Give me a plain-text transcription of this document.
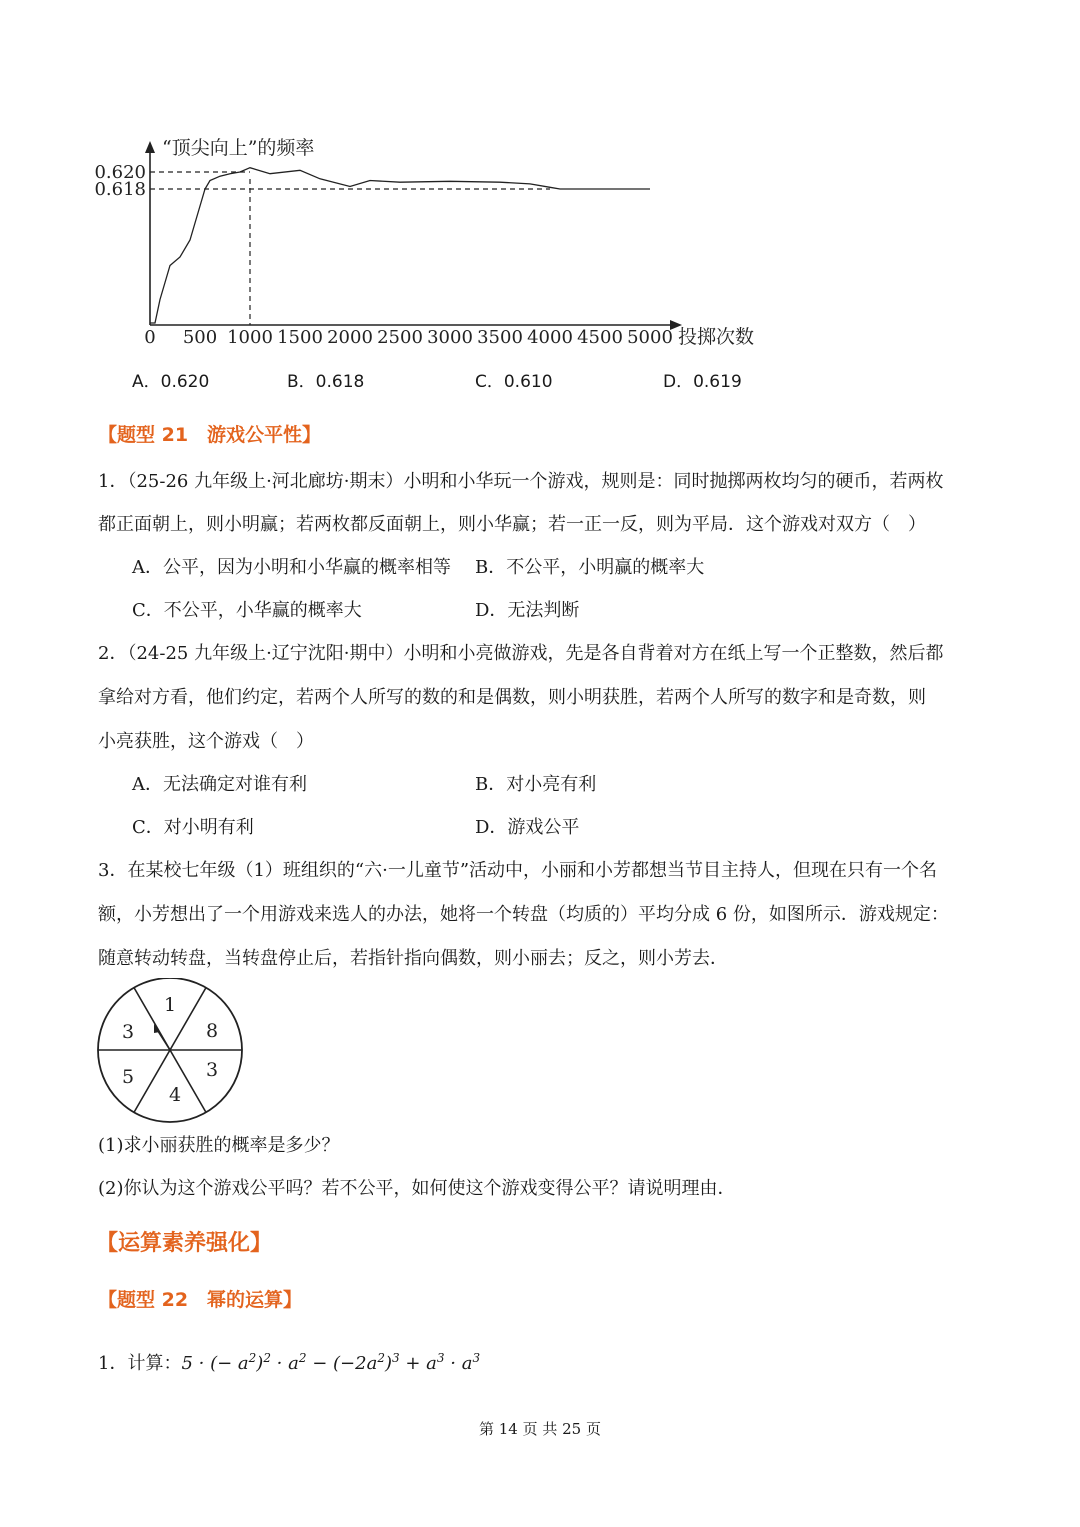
“顶尖向上”的频率
投掷次数
0 500 1000 1500 2000 2500 3000 3500 4000 4500 5000
0.620
0.618
A．0.620	B．0.618	C．0.610	D．0.619
【题型 21　游戏公平性】
1．（25-26 九年级上·河北廊坊·期末）小明和小华玩一个游戏，规则是：同时抛掷两枚均匀的硬币，若两枚
都正面朝上，则小明赢；若两枚都反面朝上，则小华赢；若一正一反，则为平局．这个游戏对双方（　）
A．公平，因为小明和小华赢的概率相等 B．不公平，小明赢的概率大
C．不公平，小华赢的概率大	D．无法判断
2．（24-25 九年级上·辽宁沈阳·期中）小明和小亮做游戏，先是各自背着对方在纸上写一个正整数，然后都
拿给对方看，他们约定，若两个人所写的数的和是偶数，则小明获胜，若两个人所写的数字和是奇数，则
小亮获胜，这个游戏（　）
A．无法确定对谁有利	B．对小亮有利
C．对小明有利	D．游戏公平
3．在某校七年级（1）班组织的“六·一儿童节”活动中，小丽和小芳都想当节目主持人，但现在只有一个名
额，小芳想出了一个用游戏来选人的办法，她将一个转盘（均质的）平均分成 6 份，如图所示．游戏规定：
随意转动转盘，当转盘停止后，若指针指向偶数，则小丽去；反之，则小芳去．
1
8
3
4
5
3
(1)求小丽获胜的概率是多少？
(2)你认为这个游戏公平吗？若不公平，如何使这个游戏变得公平？请说明理由．
【运算素养强化】
【题型 22　幂的运算】
1．计算：5 · (− $a^2)^2 \cdot a^2 - (-2a^2)^3 + a^3 \cdot a^3$
第 14 页 共 25 页
